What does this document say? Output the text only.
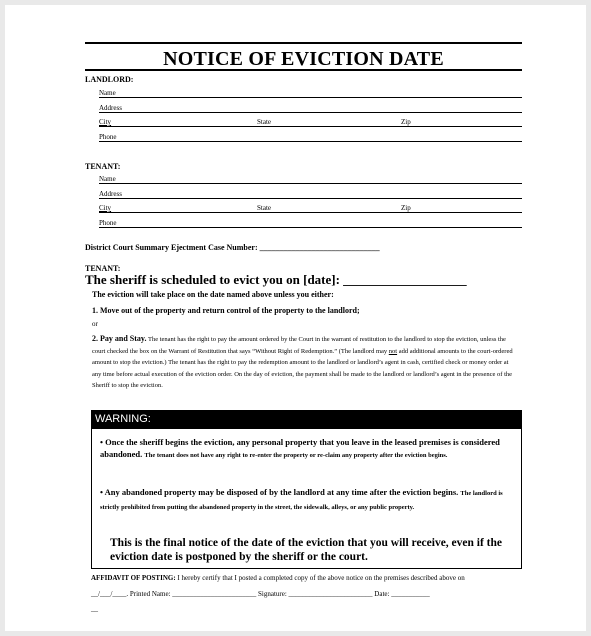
NOTICE OF EVICTION DATE
LANDLORD:
Name
Address
City	State	Zip
Phone
TENANT:
Name
Address
City	State	Zip
Phone
District Court Summary Ejectment Case Number: ______________________________
TENANT:
The sheriff is scheduled to evict you on [date]: ___________________
The eviction will take place on the date named above unless you either:
1. Move out of the property and return control of the property to the landlord;
or
2. Pay and Stay. The tenant has the right to pay the amount ordered by the Court in the warrant of restitution to the landlord to stop the eviction, unless the court checked the box on the Warrant of Restitution that says “Without Right of Redemption.” (The landlord may not add additional amounts to the court-ordered amount to stop the eviction.) The tenant has the right to pay the redemption amount to the landlord or landlord’s agent in cash, certified check or money order at any time before actual execution of the eviction order. On the day of eviction, the payment shall be made to the landlord or landlord’s agent in the presence of the Sheriff to stop the eviction.
WARNING:
• Once the sheriff begins the eviction, any personal property that you leave in the leased premises is considered abandoned. The tenant does not have any right to re-enter the property or re-claim any property after the eviction begins.
• Any abandoned property may be disposed of by the landlord at any time after the eviction begins. The landlord is strictly prohibited from putting the abandoned property in the street, the sidewalk, alleys, or any public property.
This is the final notice of the date of the eviction that you will receive, even if the eviction date is postponed by the sheriff or the court.
AFFIDAVIT OF POSTING: I hereby certify that I posted a completed copy of the above notice on the premises described above on
__/___/____. Printed Name: ________________________ Signature: ________________________ Date: ___________
__
